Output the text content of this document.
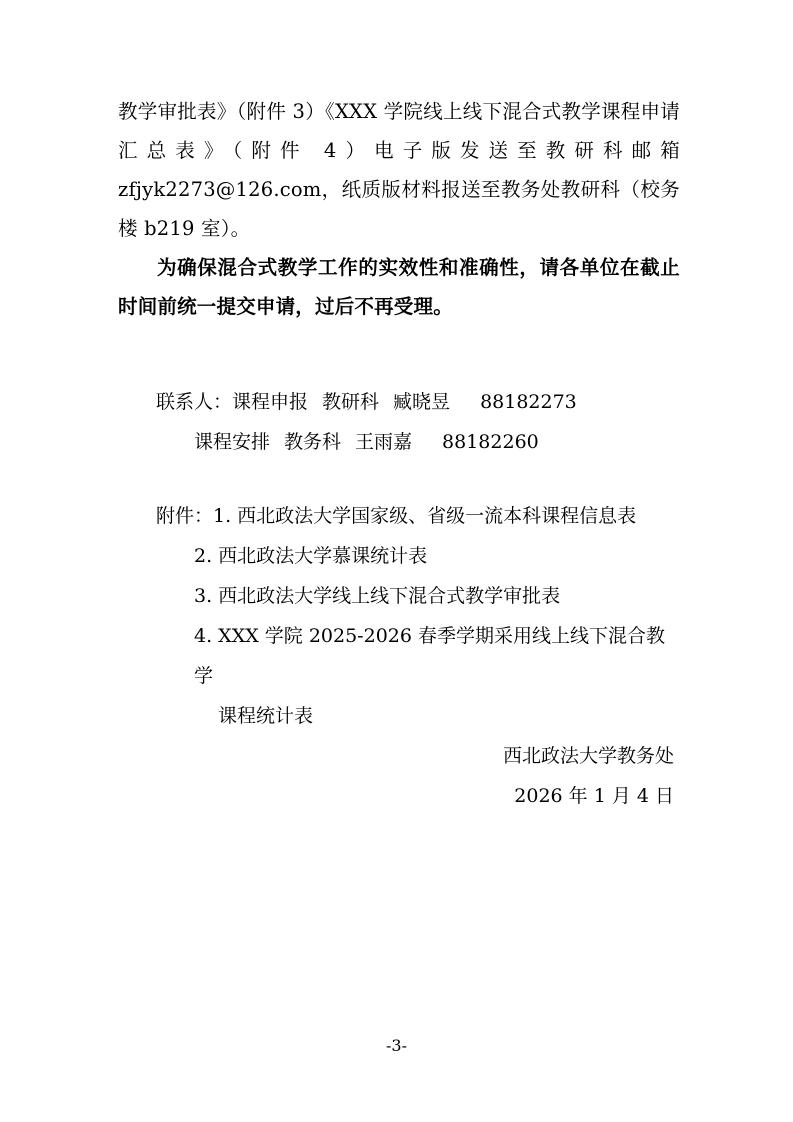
教学审批表》（附件 3）《XXX 学院线上线下混合式教学课程申请汇总表》（附件 4）电子版发送至教研科邮箱 zfjyk2273@126.com，纸质版材料报送至教务处教研科（校务楼 b219 室）。

为确保混合式教学工作的实效性和准确性，请各单位在截止时间前统一提交申请，过后不再受理。

联系人：课程申报 教研科 臧晓昱 88182273
课程安排 教务科 王雨嘉 88182260
附件：1. 西北政法大学国家级、省级一流本科课程信息表
2. 西北政法大学慕课统计表
3. 西北政法大学线上线下混合式教学审批表
4. XXX 学院 2025-2026 春季学期采用线上线下混合教学
课程统计表
西北政法大学教务处
2026 年 1 月 4 日
-3-
